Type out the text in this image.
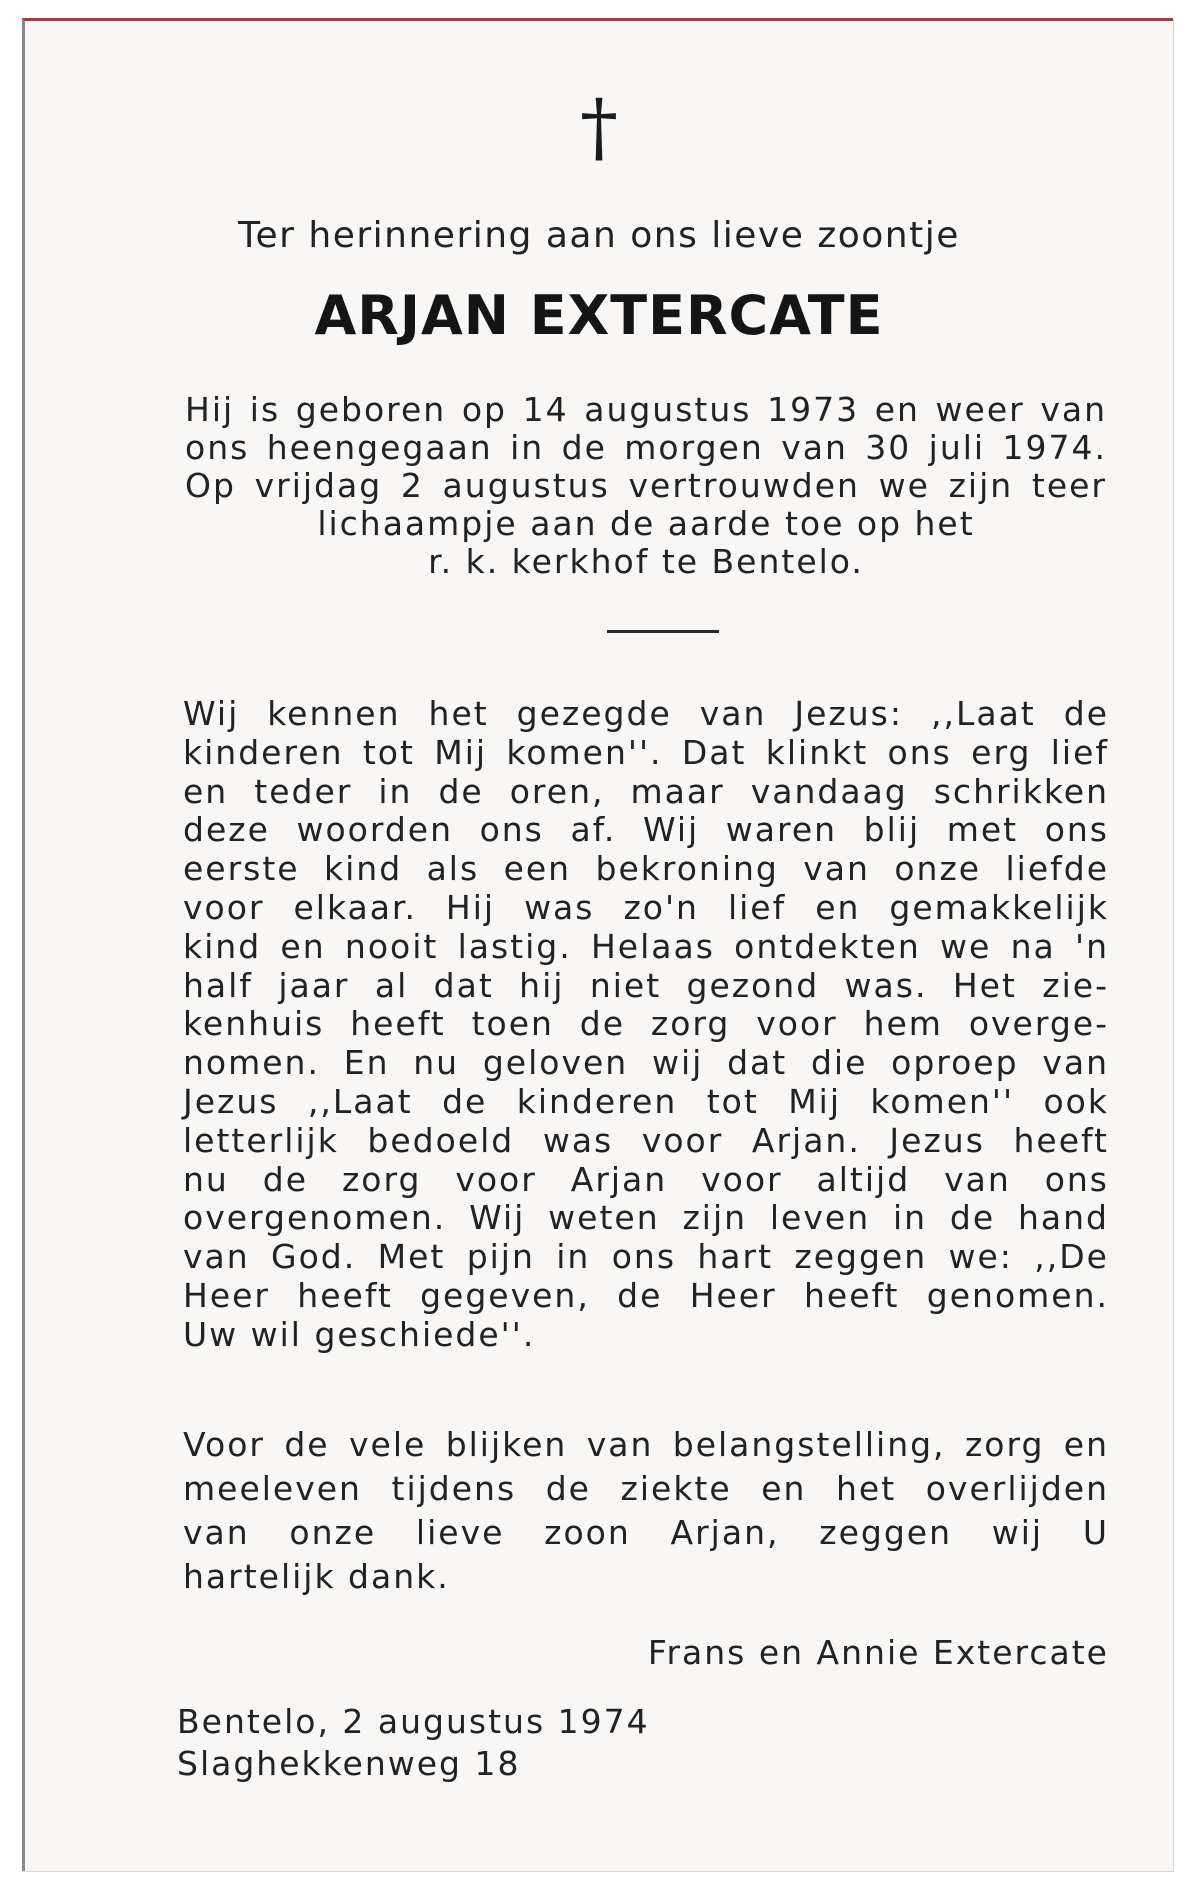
†
Ter herinnering aan ons lieve zoontje
ARJAN EXTERCATE
Hij is geboren op 14 augustus 1973 en weer van
ons heengegaan in de morgen van 30 juli 1974.
Op vrijdag 2 augustus vertrouwden we zijn teer
lichaampje aan de aarde toe op het
r. k. kerkhof te Bentelo.
Wij kennen het gezegde van Jezus: ,,Laat de
kinderen tot Mij komen''. Dat klinkt ons erg lief
en teder in de oren, maar vandaag schrikken
deze woorden ons af. Wij waren blij met ons
eerste kind als een bekroning van onze liefde
voor elkaar. Hij was zo'n lief en gemakkelijk
kind en nooit lastig. Helaas ontdekten we na 'n
half jaar al dat hij niet gezond was. Het zie-
kenhuis heeft toen de zorg voor hem overge-
nomen. En nu geloven wij dat die oproep van
Jezus ,,Laat de kinderen tot Mij komen'' ook
letterlijk bedoeld was voor Arjan. Jezus heeft
nu de zorg voor Arjan voor altijd van ons
overgenomen. Wij weten zijn leven in de hand
van God. Met pijn in ons hart zeggen we: ,,De
Heer heeft gegeven, de Heer heeft genomen.
Uw wil geschiede''.
Voor de vele blijken van belangstelling, zorg en
meeleven tijdens de ziekte en het overlijden
van onze lieve zoon Arjan, zeggen wij U
hartelijk dank.
Frans en Annie Extercate
Bentelo, 2 augustus 1974
Slaghekkenweg 18
